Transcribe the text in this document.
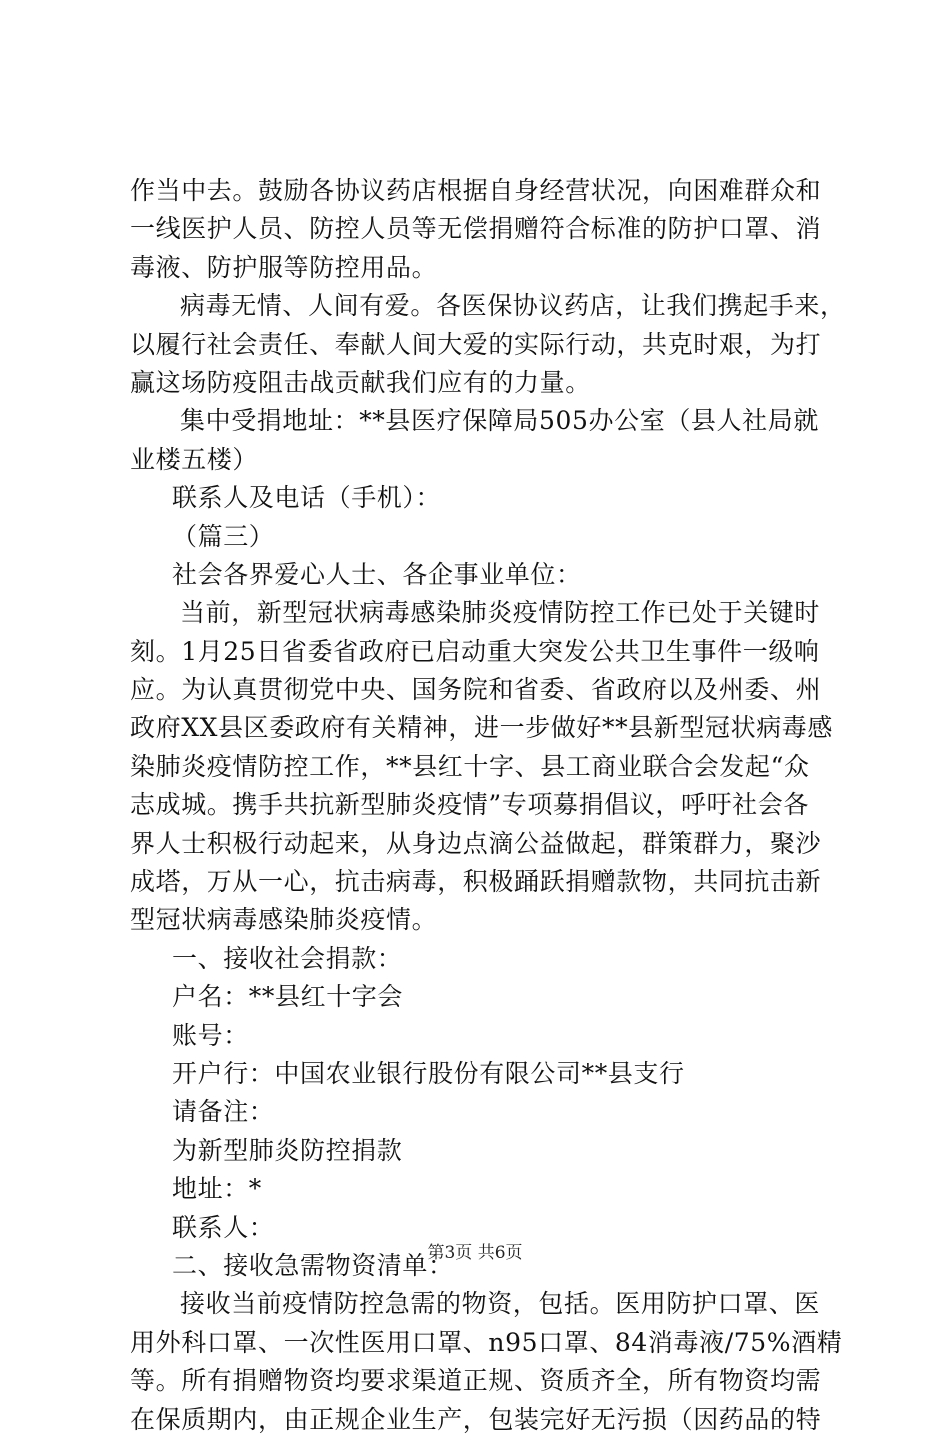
作当中去。鼓励各协议药店根据自身经营状况，向困难群众和
一线医护人员、防控人员等无偿捐赠符合标准的防护口罩、消
毒液、防护服等防控用品。
病毒无情、人间有爱。各医保协议药店，让我们携起手来，
以履行社会责任、奉献人间大爱的实际行动，共克时艰，为打
赢这场防疫阻击战贡献我们应有的力量。
集中受捐地址：**县医疗保障局505办公室（县人社局就
业楼五楼）
联系人及电话（手机）：
（篇三）
社会各界爱心人士、各企事业单位：
当前，新型冠状病毒感染肺炎疫情防控工作已处于关键时
刻。1月25日省委省政府已启动重大突发公共卫生事件一级响
应。为认真贯彻党中央、国务院和省委、省政府以及州委、州
政府XX县区委政府有关精神，进一步做好**县新型冠状病毒感
染肺炎疫情防控工作，**县红十字、县工商业联合会发起“众
志成城。携手共抗新型肺炎疫情”专项募捐倡议，呼吁社会各
界人士积极行动起来，从身边点滴公益做起，群策群力，聚沙
成塔，万从一心，抗击病毒，积极踊跃捐赠款物，共同抗击新
型冠状病毒感染肺炎疫情。
一、接收社会捐款：
户名：**县红十字会
账号：
开户行：中国农业银行股份有限公司**县支行
请备注：
为新型肺炎防控捐款
地址：*
联系人：
二、接收急需物资清单：
接收当前疫情防控急需的物资，包括。医用防护口罩、医
用外科口罩、一次性医用口罩、n95口罩、84消毒液/75%酒精
等。所有捐赠物资均要求渠道正规、资质齐全，所有物资均需
在保质期内，由正规企业生产，包装完好无污损（因药品的特
第3页 共6页
